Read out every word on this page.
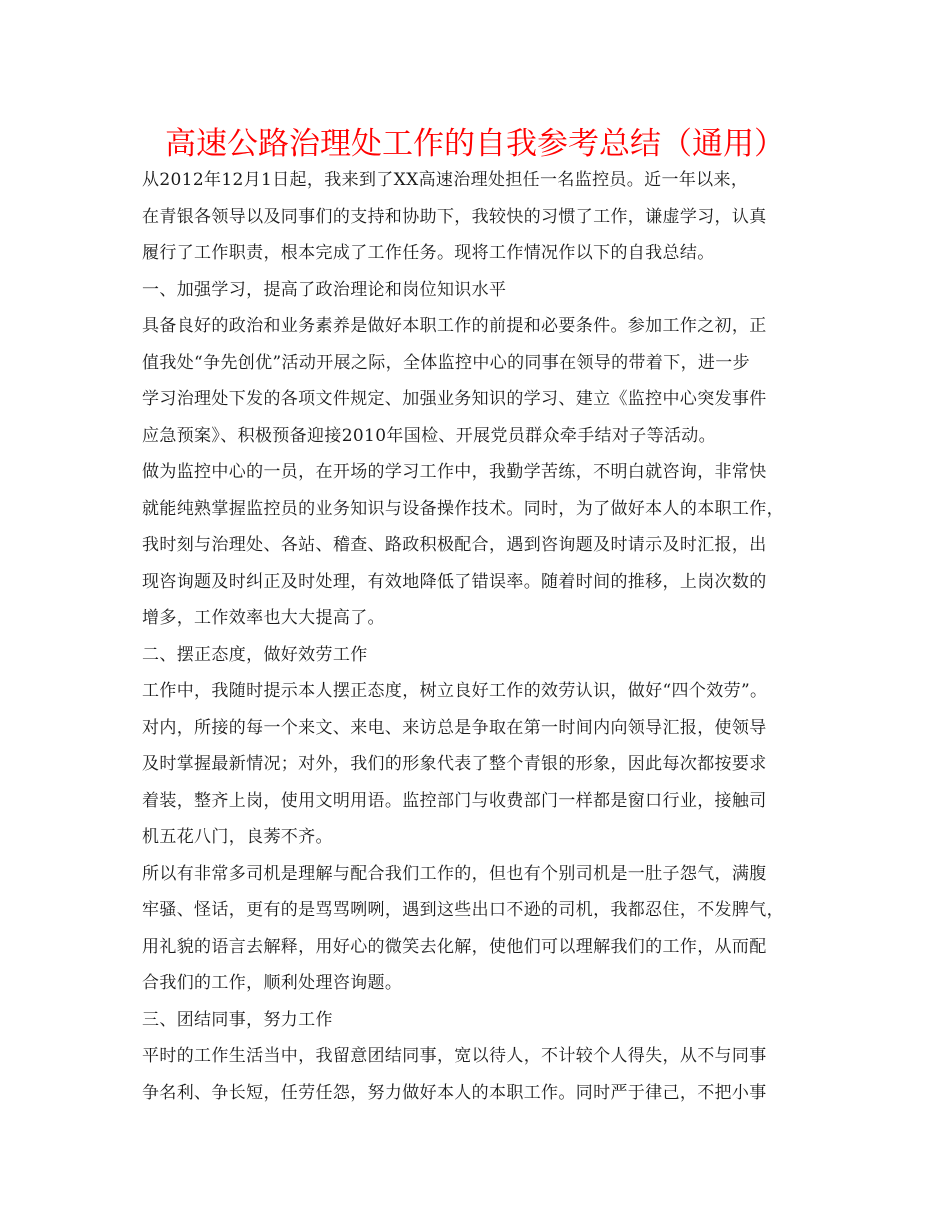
高速公路治理处工作的自我参考总结（通用）
从2012年12月1日起，我来到了XX高速治理处担任一名监控员。近一年以来，
在青银各领导以及同事们的支持和协助下，我较快的习惯了工作，谦虚学习，认真
履行了工作职责，根本完成了工作任务。现将工作情况作以下的自我总结。
一、加强学习，提高了政治理论和岗位知识水平
具备良好的政治和业务素养是做好本职工作的前提和必要条件。参加工作之初，正
值我处“争先创优”活动开展之际，全体监控中心的同事在领导的带着下，进一步
学习治理处下发的各项文件规定、加强业务知识的学习、建立《监控中心突发事件
应急预案》、积极预备迎接2010年国检、开展党员群众牵手结对子等活动。
做为监控中心的一员，在开场的学习工作中，我勤学苦练，不明白就咨询，非常快
就能纯熟掌握监控员的业务知识与设备操作技术。同时，为了做好本人的本职工作，
我时刻与治理处、各站、稽查、路政积极配合，遇到咨询题及时请示及时汇报，出
现咨询题及时纠正及时处理，有效地降低了错误率。随着时间的推移，上岗次数的
增多，工作效率也大大提高了。
二、摆正态度，做好效劳工作
工作中，我随时提示本人摆正态度，树立良好工作的效劳认识，做好“四个效劳”。
对内，所接的每一个来文、来电、来访总是争取在第一时间内向领导汇报，使领导
及时掌握最新情况；对外，我们的形象代表了整个青银的形象，因此每次都按要求
着装，整齐上岗，使用文明用语。监控部门与收费部门一样都是窗口行业，接触司
机五花八门，良莠不齐。
所以有非常多司机是理解与配合我们工作的，但也有个别司机是一肚子怨气，满腹
牢骚、怪话，更有的是骂骂咧咧，遇到这些出口不逊的司机，我都忍住，不发脾气，
用礼貌的语言去解释，用好心的微笑去化解，使他们可以理解我们的工作，从而配
合我们的工作，顺利处理咨询题。
三、团结同事，努力工作
平时的工作生活当中，我留意团结同事，宽以待人，不计较个人得失，从不与同事
争名利、争长短，任劳任怨，努力做好本人的本职工作。同时严于律己，不把小事
